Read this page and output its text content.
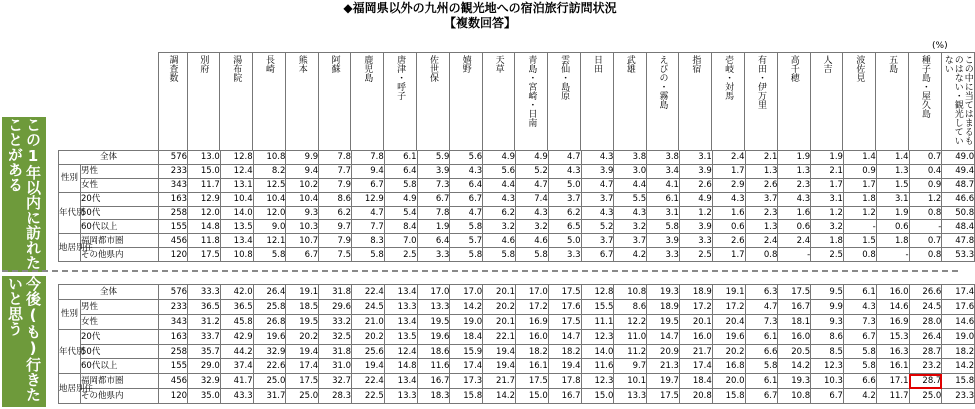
◆福岡県以外の九州の観光地への宿泊旅行訪問状況
【複数回答】
(%)
この1年以内に訪れたことがある
今後(も)行きたいと思う

調査数	別府	湯布院	長崎	熊本	阿蘇	鹿児島	唐津・呼子	佐世保	嬉野	天草	青島・宮崎・日南	雲仙・島原	日田	武雄	えびの・霧島	指宿	壱岐・対馬	有田・伊万里	高千穂	人吉	波佐見	五島	種子島・屋久島	この中に当てはまるものはない・観光していない
全体		576	13.0	12.8	10.8	9.9	7.8	7.8	6.1	5.9	5.6	4.9	4.9	4.7	4.3	3.8	3.8	3.1	2.4	2.1	1.9	1.9	1.4	1.4	0.7	49.0
性別	男性	233	15.0	12.4	8.2	9.4	7.7	9.4	6.4	3.9	4.3	5.6	5.2	4.3	3.9	3.0	3.4	3.9	1.7	1.3	1.3	2.1	0.9	1.3	0.4	49.4
	女性	343	11.7	13.1	12.5	10.2	7.9	6.7	5.8	7.3	6.4	4.4	4.7	5.0	4.7	4.4	4.1	2.6	2.9	2.6	2.3	1.7	1.7	1.5	0.9	48.7
年代別	20代	163	12.9	10.4	10.4	10.4	8.6	12.9	4.9	6.7	6.7	4.3	7.4	3.7	3.7	5.5	6.1	4.9	4.3	3.7	4.3	3.1	1.8	3.1	1.2	46.6
	50代	258	12.0	14.0	12.0	9.3	6.2	4.7	5.4	7.8	4.7	6.2	4.3	6.2	4.3	4.3	3.1	1.2	1.6	2.3	1.6	1.2	1.2	1.9	0.8	50.8
	60代以上	155	14.8	13.5	9.0	10.3	9.7	7.7	8.4	1.9	5.8	3.2	3.2	6.5	5.2	3.2	5.8	3.9	0.6	1.3	0.6	3.2	-	0.6	-	48.4
地居別住	福岡都市圏	456	11.8	13.4	12.1	10.7	7.9	8.3	7.0	6.4	5.7	4.6	4.6	5.0	3.7	3.7	3.9	3.3	2.6	2.4	2.4	1.8	1.5	1.8	0.7	47.8
	その他県内	120	17.5	10.8	5.8	6.7	7.5	5.8	2.5	3.3	5.8	5.8	5.8	3.3	6.7	4.2	3.3	2.5	1.7	0.8	-	2.5	0.8	-	0.8	53.3
全体		576	33.3	42.0	26.4	19.1	31.8	22.4	13.4	17.0	17.0	20.1	17.0	17.5	12.8	10.8	19.3	18.9	19.1	6.3	17.5	9.5	6.1	16.0	26.6	17.4
性別	男性	233	36.5	36.5	25.8	18.5	29.6	24.5	13.3	13.3	14.2	20.2	17.2	17.6	15.5	8.6	18.9	17.2	17.2	4.7	16.7	9.9	4.3	14.6	24.5	17.6
	女性	343	31.2	45.8	26.8	19.5	33.2	21.0	13.4	19.5	19.0	20.1	16.9	17.5	11.1	12.2	19.5	20.1	20.4	7.3	18.1	9.3	7.3	16.9	28.0	14.6
年代別	20代	163	33.7	42.9	19.6	20.2	32.5	20.2	13.5	19.6	18.4	22.1	16.0	14.7	12.3	11.0	14.7	16.0	19.6	6.1	16.0	8.6	6.7	15.3	26.4	19.0
	50代	258	35.7	44.2	32.9	19.4	31.8	25.6	12.4	18.6	15.9	19.4	18.2	18.2	14.0	11.2	20.9	21.7	20.2	6.6	20.5	8.5	5.8	16.3	28.7	18.2
	60代以上	155	29.0	37.4	22.6	17.4	31.0	19.4	14.8	11.6	17.4	19.4	16.1	19.4	11.6	9.7	21.3	17.4	16.8	5.8	14.2	12.3	5.8	16.1	23.2	14.2
地居別住	福岡都市圏	456	32.9	41.7	25.0	17.5	32.7	22.4	13.4	16.7	17.3	21.7	17.5	17.8	12.3	10.1	19.7	18.4	20.0	6.1	19.3	10.3	6.6	17.1	28.7	15.8
	その他県内	120	35.0	43.3	31.7	25.0	28.3	22.5	13.3	18.3	15.8	14.2	15.0	16.7	15.0	13.3	17.5	20.8	15.8	6.7	10.8	6.7	4.2	11.7	25.0	23.3
